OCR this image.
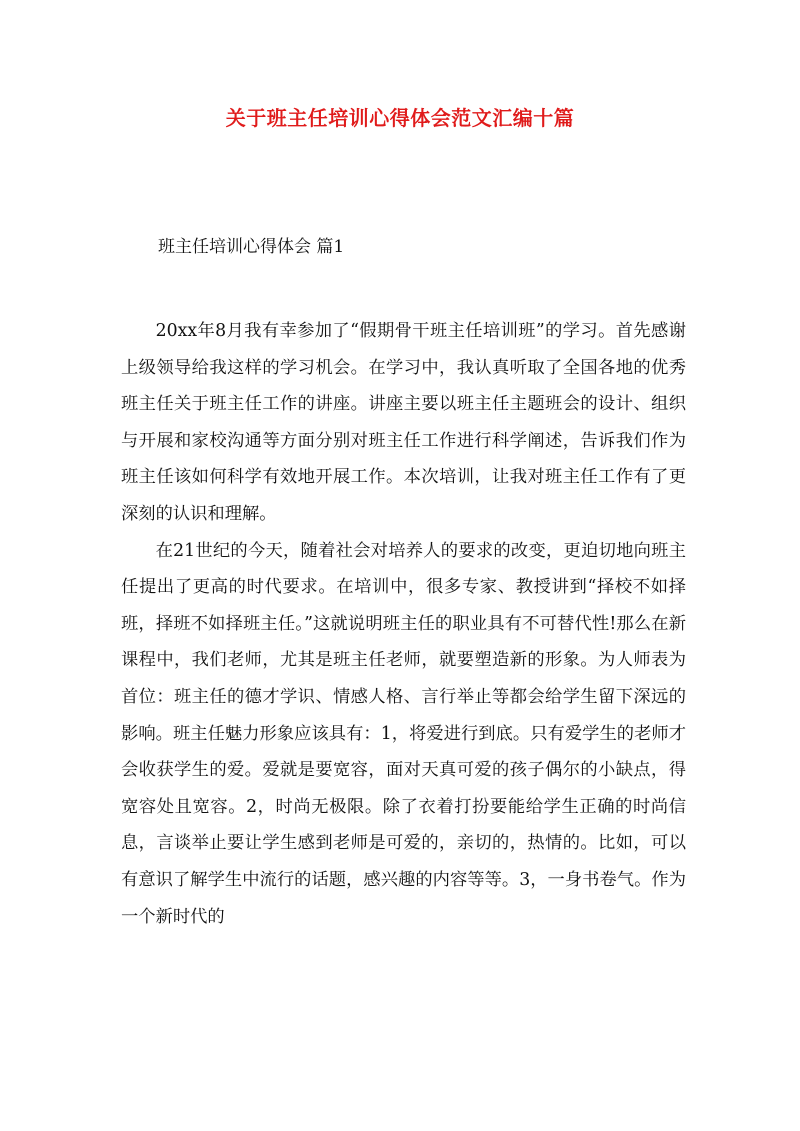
关于班主任培训心得体会范文汇编十篇
班主任培训心得体会 篇1

20xx年8月我有幸参加了“假期骨干班主任培训班”的学习。首先感谢上级领导给我这样的学习机会。在学习中，我认真听取了全国各地的优秀班主任关于班主任工作的讲座。讲座主要以班主任主题班会的设计、组织与开展和家校沟通等方面分别对班主任工作进行科学阐述，告诉我们作为班主任该如何科学有效地开展工作。本次培训，让我对班主任工作有了更深刻的认识和理解。

在21世纪的今天，随着社会对培养人的要求的改变，更迫切地向班主任提出了更高的时代要求。在培训中，很多专家、教授讲到“择校不如择班，择班不如择班主任。”这就说明班主任的职业具有不可替代性!那么在新课程中，我们老师，尤其是班主任老师，就要塑造新的形象。为人师表为首位：班主任的德才学识、情感人格、言行举止等都会给学生留下深远的影响。班主任魅力形象应该具有：1，将爱进行到底。只有爱学生的老师才会收获学生的爱。爱就是要宽容，面对天真可爱的孩子偶尔的小缺点，得宽容处且宽容。2，时尚无极限。除了衣着打扮要能给学生正确的时尚信息，言谈举止要让学生感到老师是可爱的，亲切的，热情的。比如，可以有意识了解学生中流行的话题，感兴趣的内容等等。3，一身书卷气。作为一个新时代的
